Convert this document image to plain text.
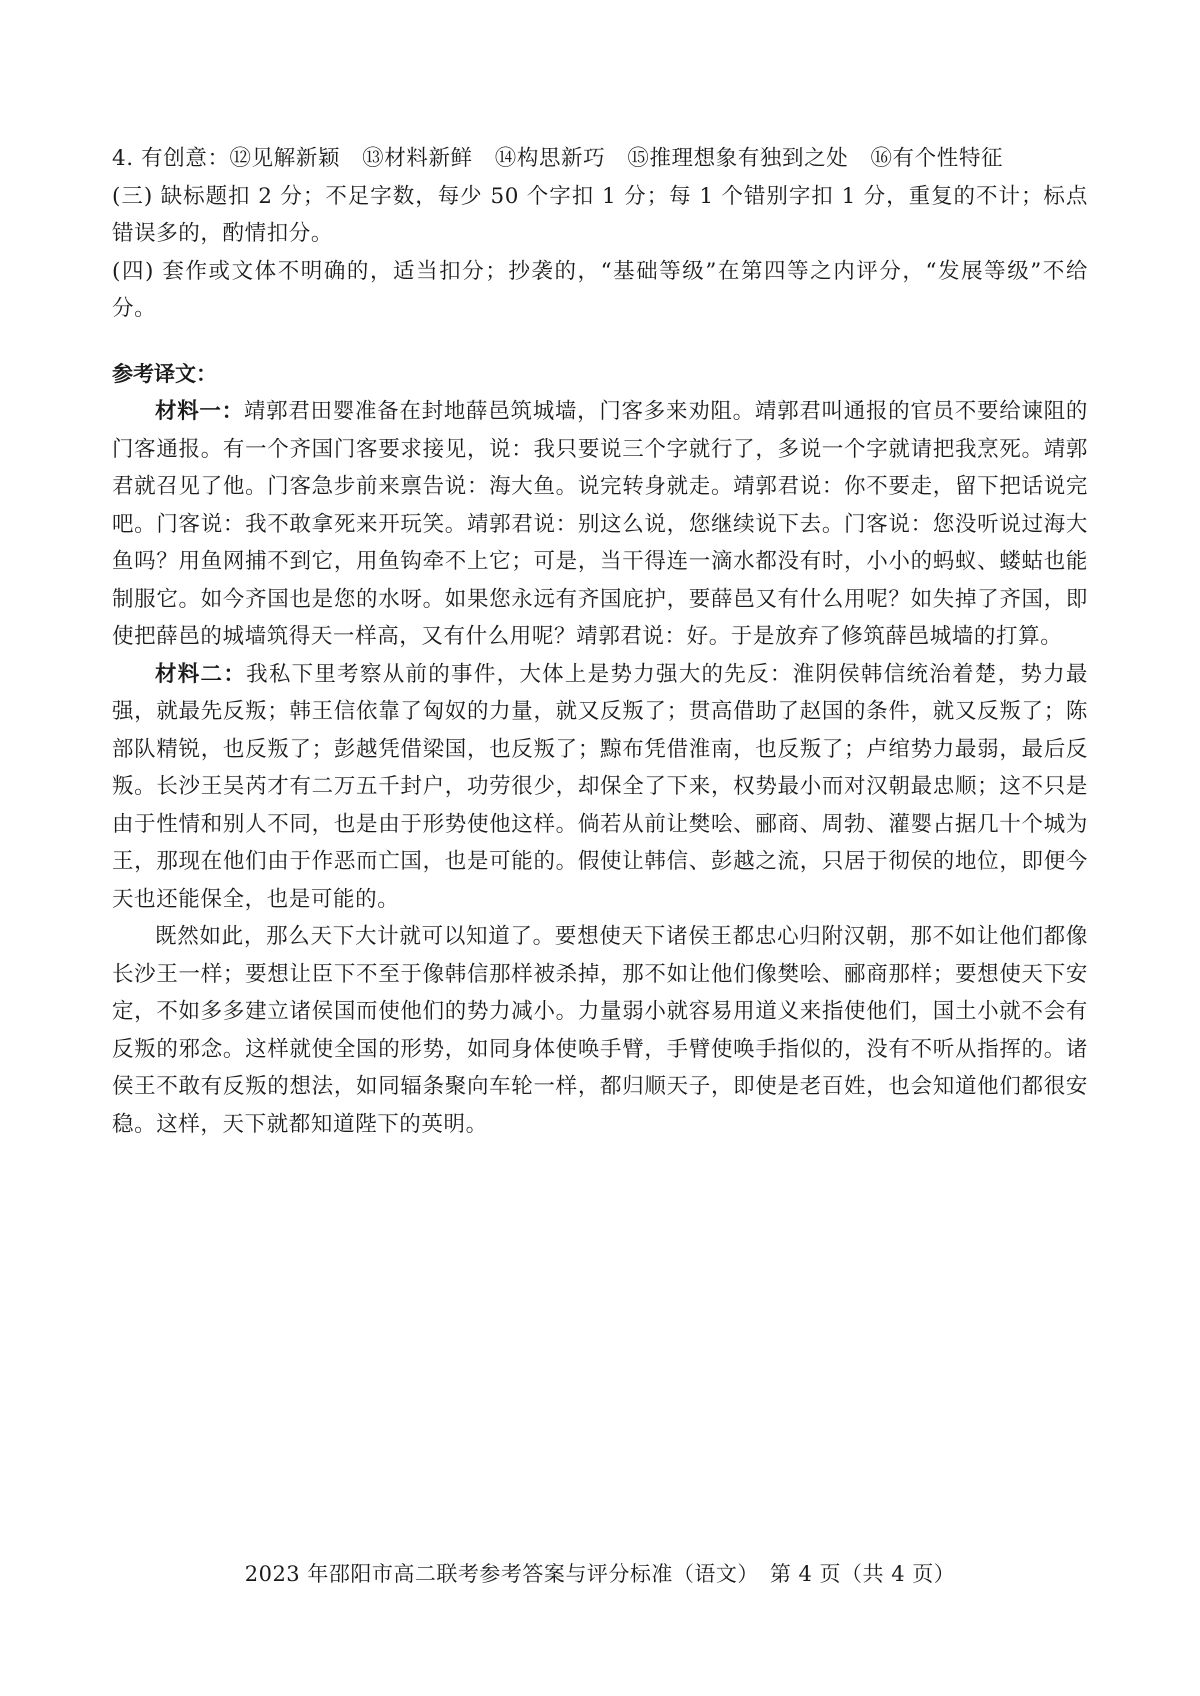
4. 有创意：⑫见解新颖　⑬材料新鲜　⑭构思新巧　⑮推理想象有独到之处　⑯有个性特征

(三) 缺标题扣 2 分；不足字数，每少 50 个字扣 1 分；每 1 个错别字扣 1 分，重复的不计；标点错误多的，酌情扣分。

(四) 套作或文体不明确的，适当扣分；抄袭的，“基础等级”在第四等之内评分，“发展等级”不给分。

参考译文：

材料一：靖郭君田婴准备在封地薛邑筑城墙，门客多来劝阻。靖郭君叫通报的官员不要给谏阻的门客通报。有一个齐国门客要求接见，说：我只要说三个字就行了，多说一个字就请把我烹死。靖郭君就召见了他。门客急步前来禀告说：海大鱼。说完转身就走。靖郭君说：你不要走，留下把话说完吧。门客说：我不敢拿死来开玩笑。靖郭君说：别这么说，您继续说下去。门客说：您没听说过海大鱼吗？用鱼网捕不到它，用鱼钩牵不上它；可是，当干得连一滴水都没有时，小小的蚂蚁、蝼蛄也能制服它。如今齐国也是您的水呀。如果您永远有齐国庇护，要薛邑又有什么用呢？如失掉了齐国，即使把薛邑的城墙筑得天一样高，又有什么用呢？靖郭君说：好。于是放弃了修筑薛邑城墙的打算。

材料二：我私下里考察从前的事件，大体上是势力强大的先反：淮阴侯韩信统治着楚，势力最强，就最先反叛；韩王信依靠了匈奴的力量，就又反叛了；贯高借助了赵国的条件，就又反叛了；陈部队精锐，也反叛了；彭越凭借梁国，也反叛了；黥布凭借淮南，也反叛了；卢绾势力最弱，最后反叛。长沙王吴芮才有二万五千封户，功劳很少，却保全了下来，权势最小而对汉朝最忠顺；这不只是由于性情和别人不同，也是由于形势使他这样。倘若从前让樊哙、郦商、周勃、灌婴占据几十个城为王，那现在他们由于作恶而亡国，也是可能的。假使让韩信、彭越之流，只居于彻侯的地位，即便今天也还能保全，也是可能的。

既然如此，那么天下大计就可以知道了。要想使天下诸侯王都忠心归附汉朝，那不如让他们都像长沙王一样；要想让臣下不至于像韩信那样被杀掉，那不如让他们像樊哙、郦商那样；要想使天下安定，不如多多建立诸侯国而使他们的势力减小。力量弱小就容易用道义来指使他们，国土小就不会有反叛的邪念。这样就使全国的形势，如同身体使唤手臂，手臂使唤手指似的，没有不听从指挥的。诸侯王不敢有反叛的想法，如同辐条聚向车轮一样，都归顺天子，即使是老百姓，也会知道他们都很安稳。这样，天下就都知道陛下的英明。

2023 年邵阳市高二联考参考答案与评分标准（语文）　第 4 页（共 4 页）
